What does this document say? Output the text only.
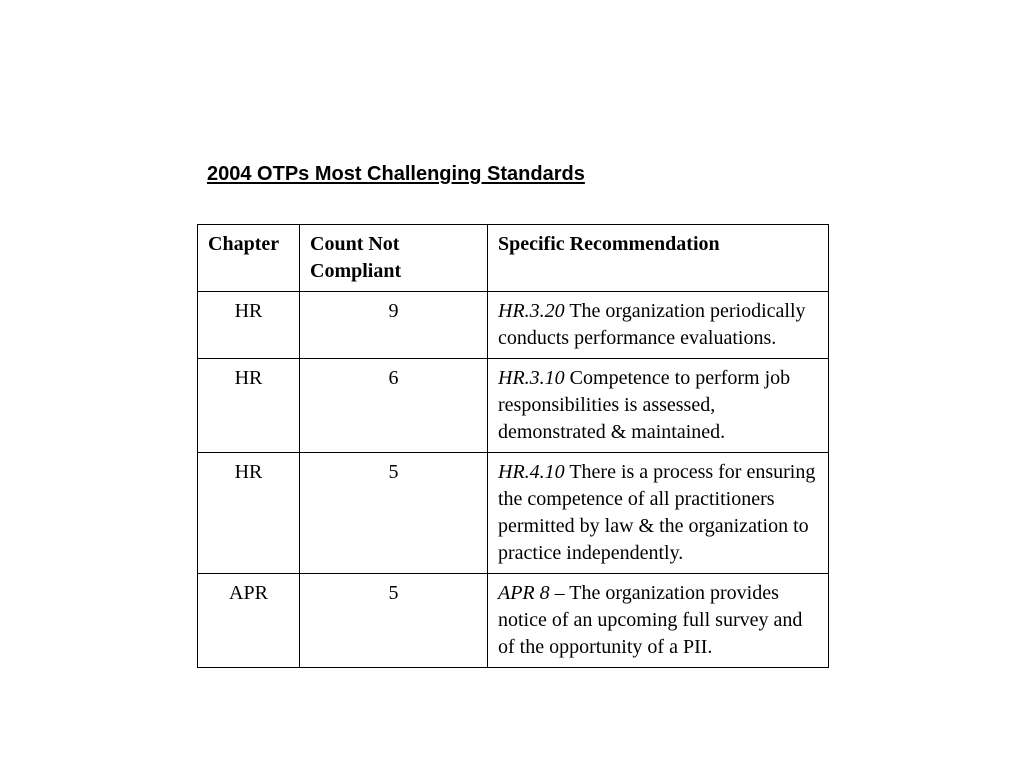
2004 OTPs Most Challenging Standards
Chapter	Count Not Compliant	Specific Recommendation
HR	9	HR.3.20 The organization periodically conducts performance evaluations.
HR	6	HR.3.10 Competence to perform job responsibilities is assessed, demonstrated & maintained.
HR	5	HR.4.10 There is a process for ensuring the competence of all practitioners permitted by law & the organization to practice independently.
APR	5	APR 8 – The organization provides notice of an upcoming full survey and of the opportunity of a PII.
